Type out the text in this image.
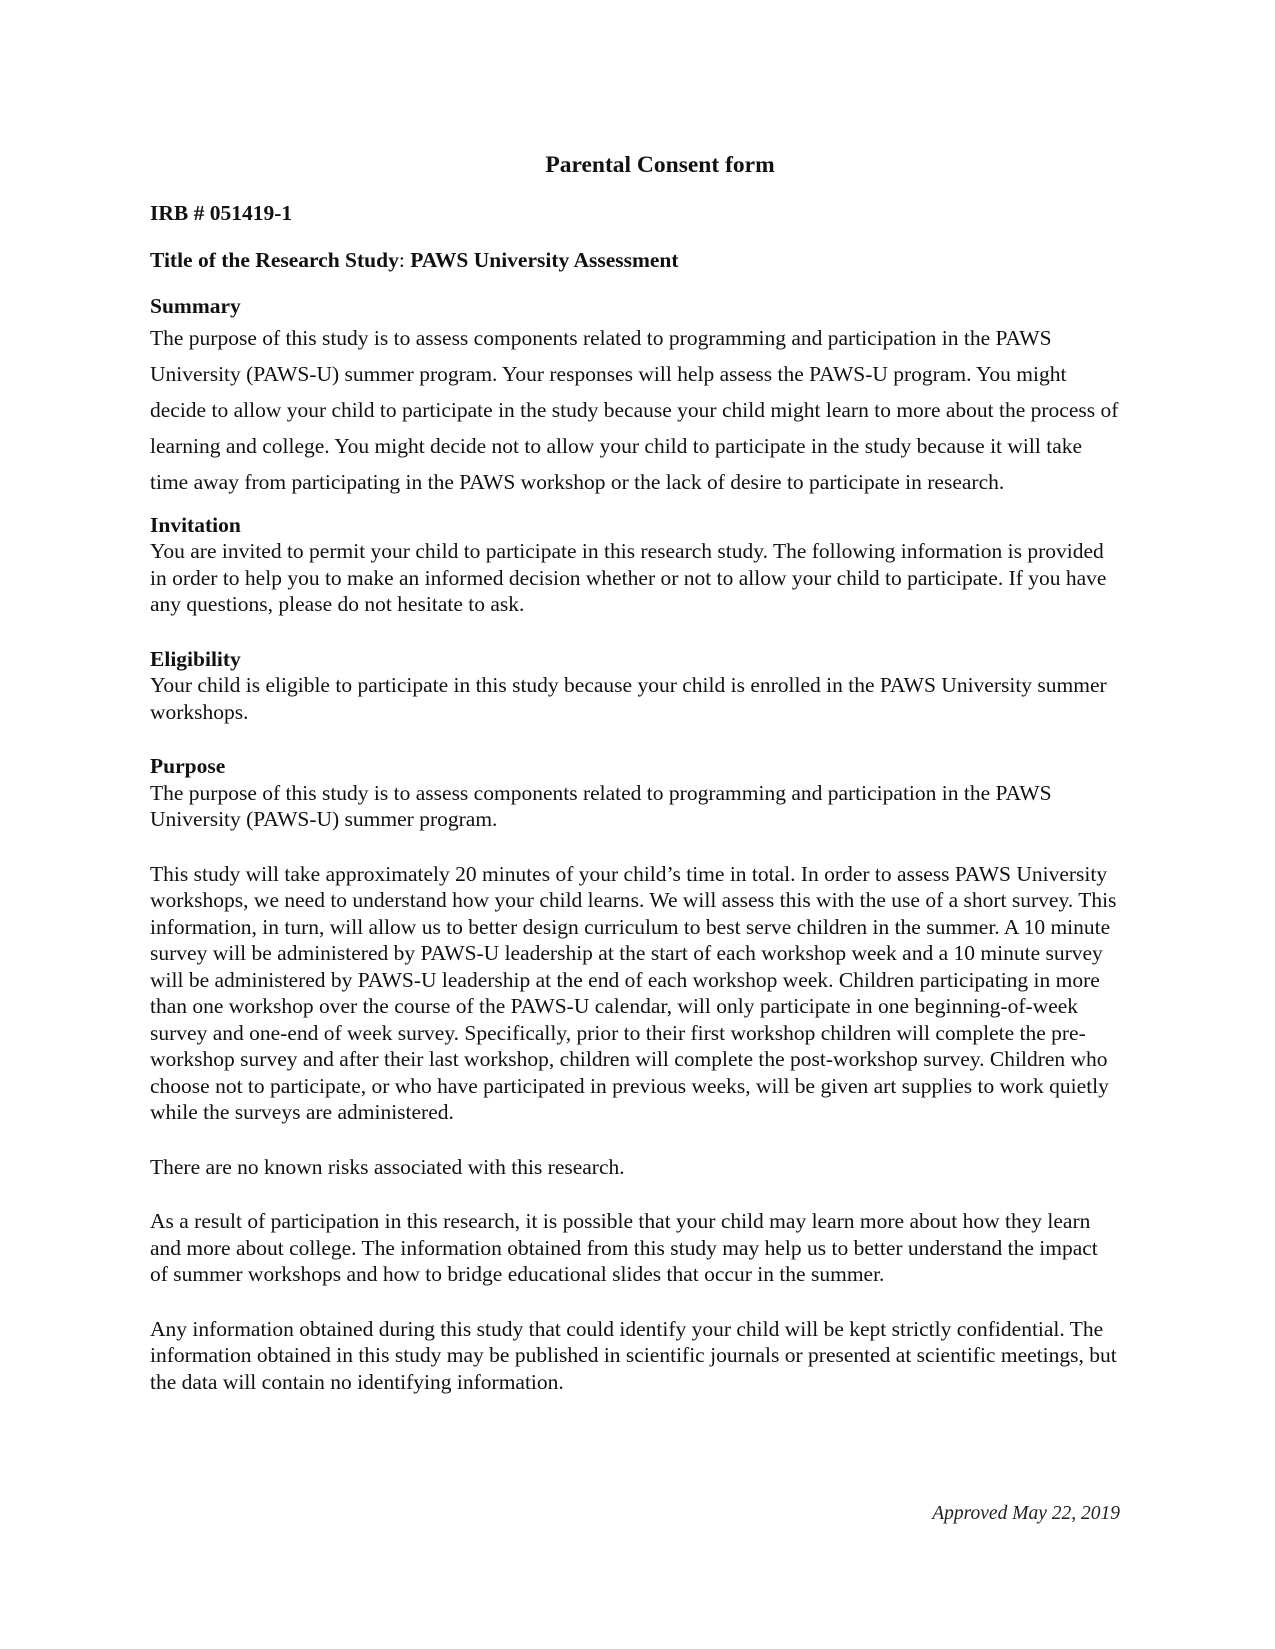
Parental Consent form
IRB # 051419-1
Title of the Research Study: PAWS University Assessment
Summary
The purpose of this study is to assess components related to programming and participation in the PAWS University (PAWS-U) summer program. Your responses will help assess the PAWS-U program. You might decide to allow your child to participate in the study because your child might learn to more about the process of learning and college. You might decide not to allow your child to participate in the study because it will take time away from participating in the PAWS workshop or the lack of desire to participate in research.
Invitation
You are invited to permit your child to participate in this research study. The following information is provided in order to help you to make an informed decision whether or not to allow your child to participate. If you have any questions, please do not hesitate to ask.
Eligibility
Your child is eligible to participate in this study because your child is enrolled in the PAWS University summer workshops.
Purpose
The purpose of this study is to assess components related to programming and participation in the PAWS University (PAWS-U) summer program.
This study will take approximately 20 minutes of your child’s time in total. In order to assess PAWS University workshops, we need to understand how your child learns. We will assess this with the use of a short survey. This information, in turn, will allow us to better design curriculum to best serve children in the summer. A 10 minute survey will be administered by PAWS-U leadership at the start of each workshop week and a 10 minute survey will be administered by PAWS-U leadership at the end of each workshop week. Children participating in more than one workshop over the course of the PAWS-U calendar, will only participate in one beginning-of-week survey and one-end of week survey. Specifically, prior to their first workshop children will complete the pre-workshop survey and after their last workshop, children will complete the post-workshop survey. Children who choose not to participate, or who have participated in previous weeks, will be given art supplies to work quietly while the surveys are administered.
There are no known risks associated with this research.
As a result of participation in this research, it is possible that your child may learn more about how they learn and more about college. The information obtained from this study may help us to better understand the impact of summer workshops and how to bridge educational slides that occur in the summer.
Any information obtained during this study that could identify your child will be kept strictly confidential. The information obtained in this study may be published in scientific journals or presented at scientific meetings, but the data will contain no identifying information.
Approved May 22, 2019
